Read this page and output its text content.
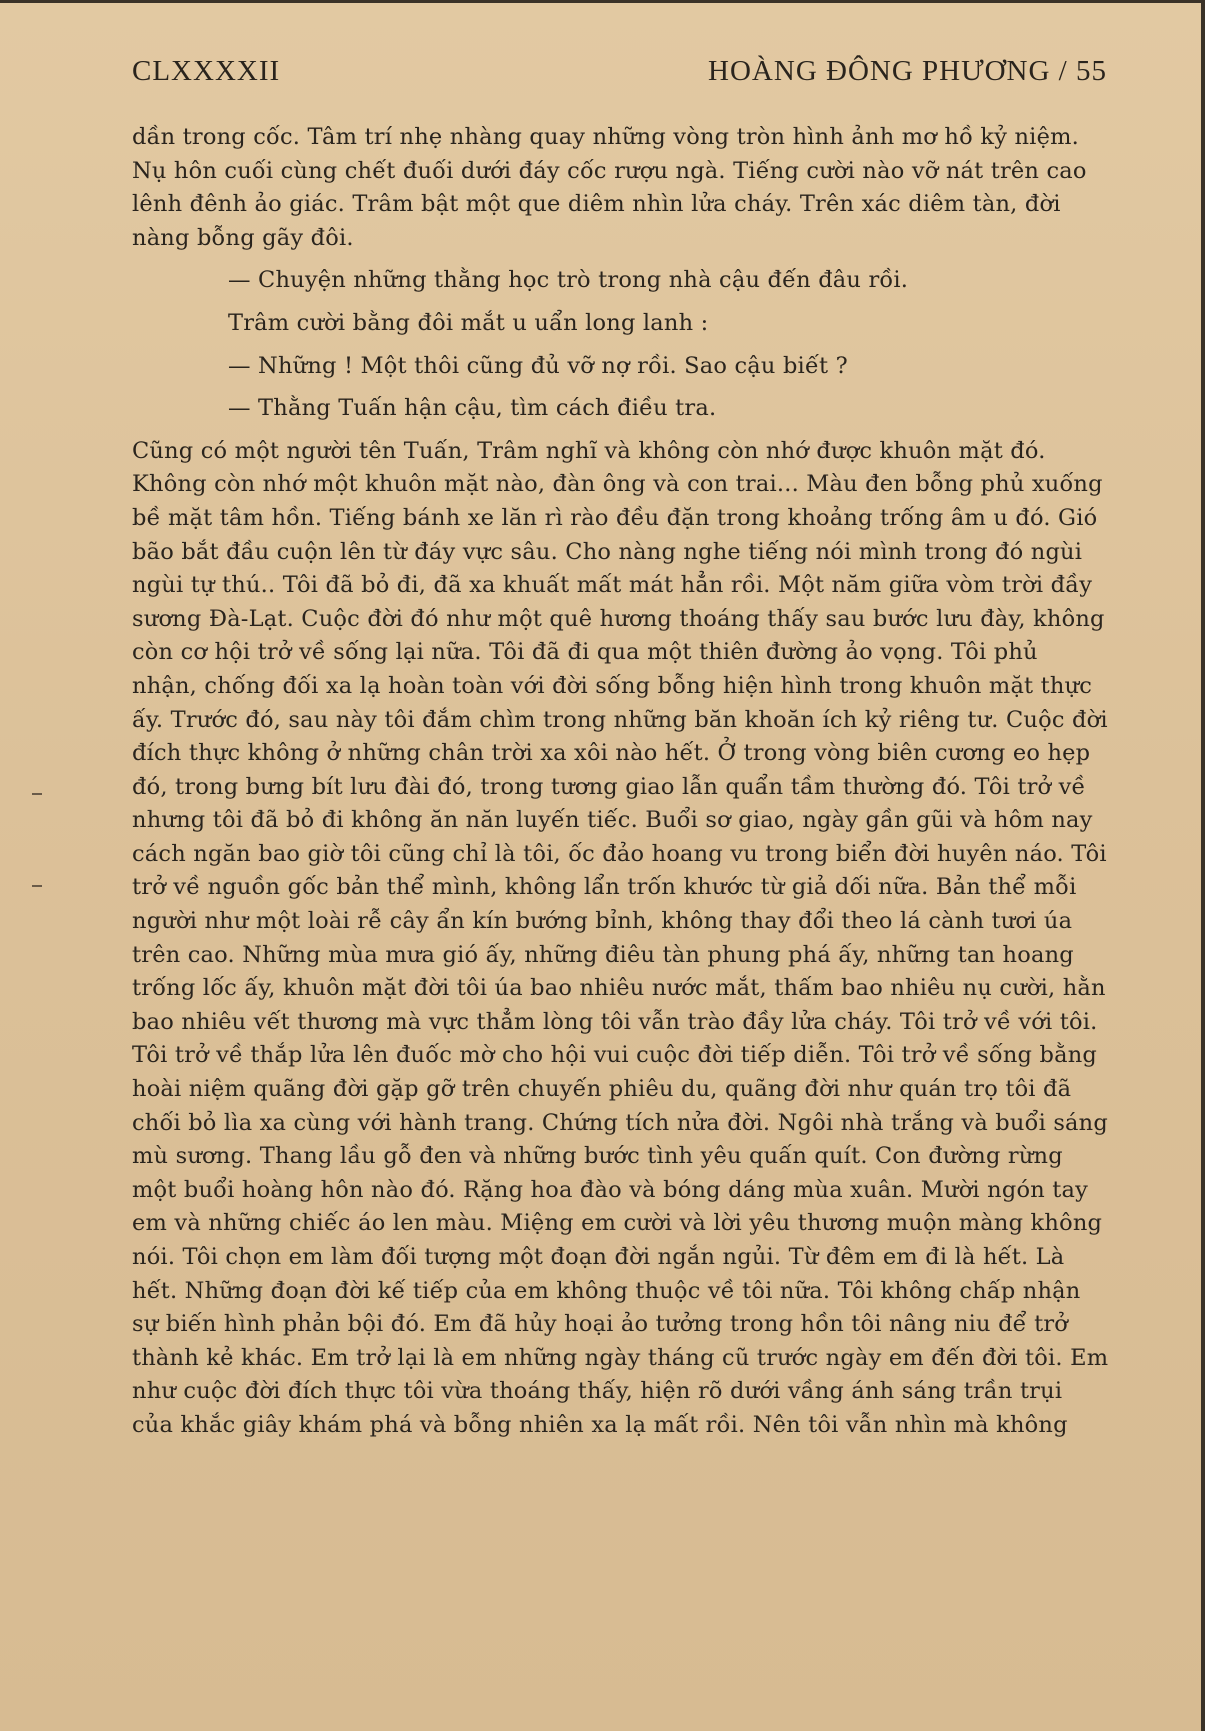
CLXXXXII	HOÀNG ĐÔNG PHƯƠNG / 55

dần trong cốc. Tâm trí nhẹ nhàng quay những vòng tròn hình ảnh mơ hồ kỷ niệm. Nụ hôn cuối cùng chết đuối dưới đáy cốc rượu ngà. Tiếng cười nào vỡ nát trên cao lênh đênh ảo giác. Trâm bật một que diêm nhìn lửa cháy. Trên xác diêm tàn, đời nàng bỗng gãy đôi.

— Chuyện những thằng học trò trong nhà cậu đến đâu rồi.

Trâm cười bằng đôi mắt u uẩn long lanh :

— Những ! Một thôi cũng đủ vỡ nợ rồi. Sao cậu biết ?

— Thằng Tuấn hận cậu, tìm cách điều tra.

Cũng có một người tên Tuấn, Trâm nghĩ và không còn nhớ được khuôn mặt đó. Không còn nhớ một khuôn mặt nào, đàn ông và con trai... Màu đen bỗng phủ xuống bề mặt tâm hồn. Tiếng bánh xe lăn rì rào đều đặn trong khoảng trống âm u đó. Gió bão bắt đầu cuộn lên từ đáy vực sâu. Cho nàng nghe tiếng nói mình trong đó ngùi ngùi tự thú.. Tôi đã bỏ đi, đã xa khuất mất mát hẳn rồi. Một năm giữa vòm trời đầy sương Đà-Lạt. Cuộc đời đó như một quê hương thoáng thấy sau bước lưu đày, không còn cơ hội trở về sống lại nữa. Tôi đã đi qua một thiên đường ảo vọng. Tôi phủ nhận, chống đối xa lạ hoàn toàn với đời sống bỗng hiện hình trong khuôn mặt thực ấy. Trước đó, sau này tôi đắm chìm trong những băn khoăn ích kỷ riêng tư. Cuộc đời đích thực không ở những chân trời xa xôi nào hết. Ở trong vòng biên cương eo hẹp đó, trong bưng bít lưu đài đó, trong tương giao lẫn quẩn tầm thường đó. Tôi trở về nhưng tôi đã bỏ đi không ăn năn luyến tiếc. Buổi sơ giao, ngày gần gũi và hôm nay cách ngăn bao giờ tôi cũng chỉ là tôi, ốc đảo hoang vu trong biển đời huyên náo. Tôi trở về nguồn gốc bản thể mình, không lẩn trốn khước từ giả dối nữa. Bản thể mỗi người như một loài rễ cây ẩn kín bướng bỉnh, không thay đổi theo lá cành tươi úa trên cao. Những mùa mưa gió ấy, những điêu tàn phung phá ấy, những tan hoang trống lốc ấy, khuôn mặt đời tôi úa bao nhiêu nước mắt, thấm bao nhiêu nụ cười, hằn bao nhiêu vết thương mà vực thẳm lòng tôi vẫn trào đầy lửa cháy. Tôi trở về với tôi. Tôi trở về thắp lửa lên đuốc mờ cho hội vui cuộc đời tiếp diễn. Tôi trở về sống bằng hoài niệm quãng đời gặp gỡ trên chuyến phiêu du, quãng đời như quán trọ tôi đã chối bỏ lìa xa cùng với hành trang. Chứng tích nửa đời. Ngôi nhà trắng và buổi sáng mù sương. Thang lầu gỗ đen và những bước tình yêu quấn quít. Con đường rừng một buổi hoàng hôn nào đó. Rặng hoa đào và bóng dáng mùa xuân. Mười ngón tay em và những chiếc áo len màu. Miệng em cười và lời yêu thương muộn màng không nói. Tôi chọn em làm đối tượng một đoạn đời ngắn ngủi. Từ đêm em đi là hết. Là hết. Những đoạn đời kế tiếp của em không thuộc về tôi nữa. Tôi không chấp nhận sự biến hình phản bội đó. Em đã hủy hoại ảo tưởng trong hồn tôi nâng niu để trở thành kẻ khác. Em trở lại là em những ngày tháng cũ trước ngày em đến đời tôi. Em như cuộc đời đích thực tôi vừa thoáng thấy, hiện rõ dưới vầng ánh sáng trần trụi của khắc giây khám phá và bỗng nhiên xa lạ mất rồi. Nên tôi vẫn nhìn mà không
